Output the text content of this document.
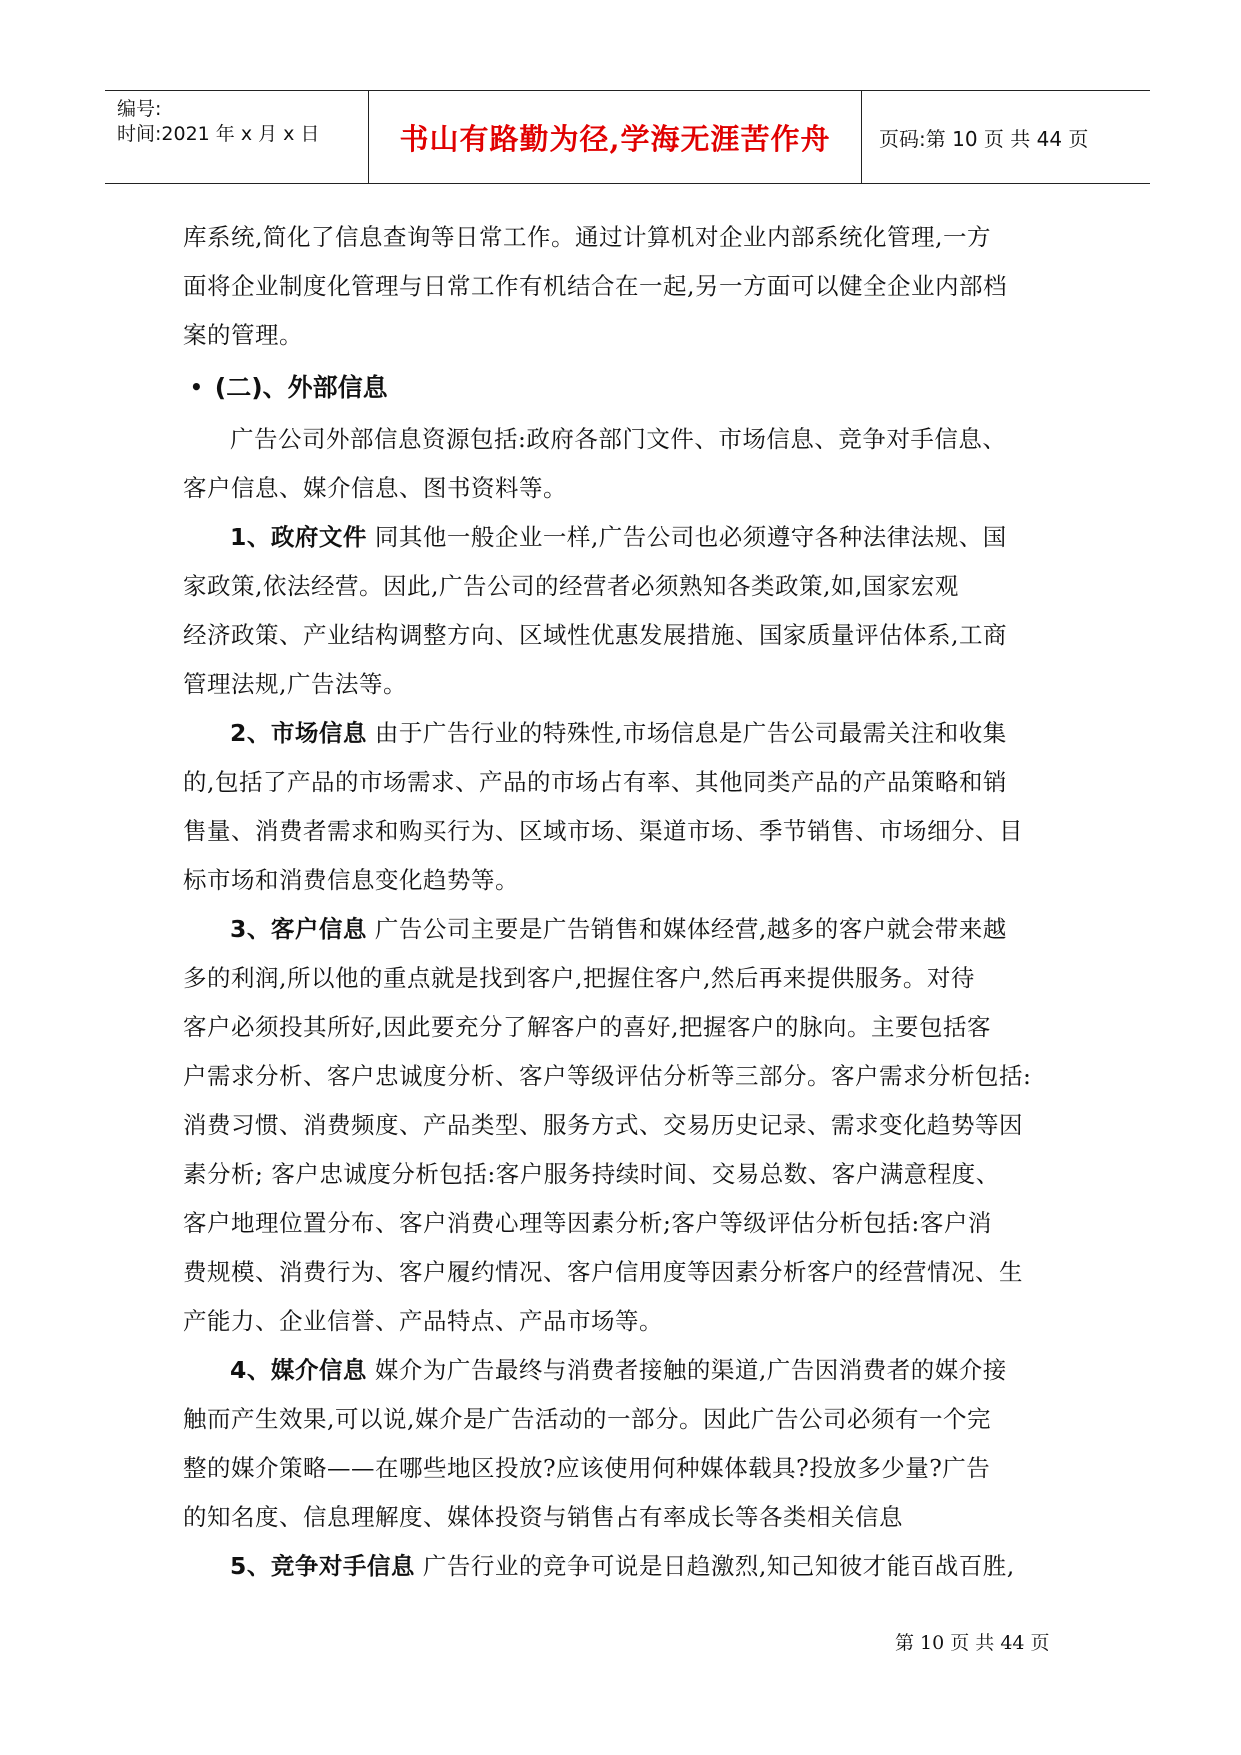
编号:
时间:2021 年 x 月 x 日	书山有路勤为径,学海无涯苦作舟 页码:第 10 页 共 44 页
库系统,简化了信息查询等日常工作。通过计算机对企业内部系统化管理,一方
面将企业制度化管理与日常工作有机结合在一起,另一方面可以健全企业内部档
案的管理。
• (二)、外部信息
广告公司外部信息资源包括:政府各部门文件、市场信息、竞争对手信息、
客户信息、媒介信息、图书资料等。
1、政府文件 同其他一般企业一样,广告公司也必须遵守各种法律法规、国
家政策,依法经营。因此,广告公司的经营者必须熟知各类政策,如,国家宏观
经济政策、产业结构调整方向、区域性优惠发展措施、国家质量评估体系,工商
管理法规,广告法等。
2、市场信息 由于广告行业的特殊性,市场信息是广告公司最需关注和收集
的,包括了产品的市场需求、产品的市场占有率、其他同类产品的产品策略和销
售量、消费者需求和购买行为、区域市场、渠道市场、季节销售、市场细分、目
标市场和消费信息变化趋势等。
3、客户信息 广告公司主要是广告销售和媒体经营,越多的客户就会带来越
多的利润,所以他的重点就是找到客户,把握住客户,然后再来提供服务。对待
客户必须投其所好,因此要充分了解客户的喜好,把握客户的脉向。主要包括客
户需求分析、客户忠诚度分析、客户等级评估分析等三部分。客户需求分析包括:
消费习惯、消费频度、产品类型、服务方式、交易历史记录、需求变化趋势等因
素分析; 客户忠诚度分析包括:客户服务持续时间、交易总数、客户满意程度、
客户地理位置分布、客户消费心理等因素分析;客户等级评估分析包括:客户消
费规模、消费行为、客户履约情况、客户信用度等因素分析客户的经营情况、生
产能力、企业信誉、产品特点、产品市场等。
4、媒介信息 媒介为广告最终与消费者接触的渠道,广告因消费者的媒介接
触而产生效果,可以说,媒介是广告活动的一部分。因此广告公司必须有一个完
整的媒介策略——在哪些地区投放?应该使用何种媒体载具?投放多少量?广告
的知名度、信息理解度、媒体投资与销售占有率成长等各类相关信息
5、竞争对手信息 广告行业的竞争可说是日趋激烈,知己知彼才能百战百胜,
第 10 页 共 44 页
